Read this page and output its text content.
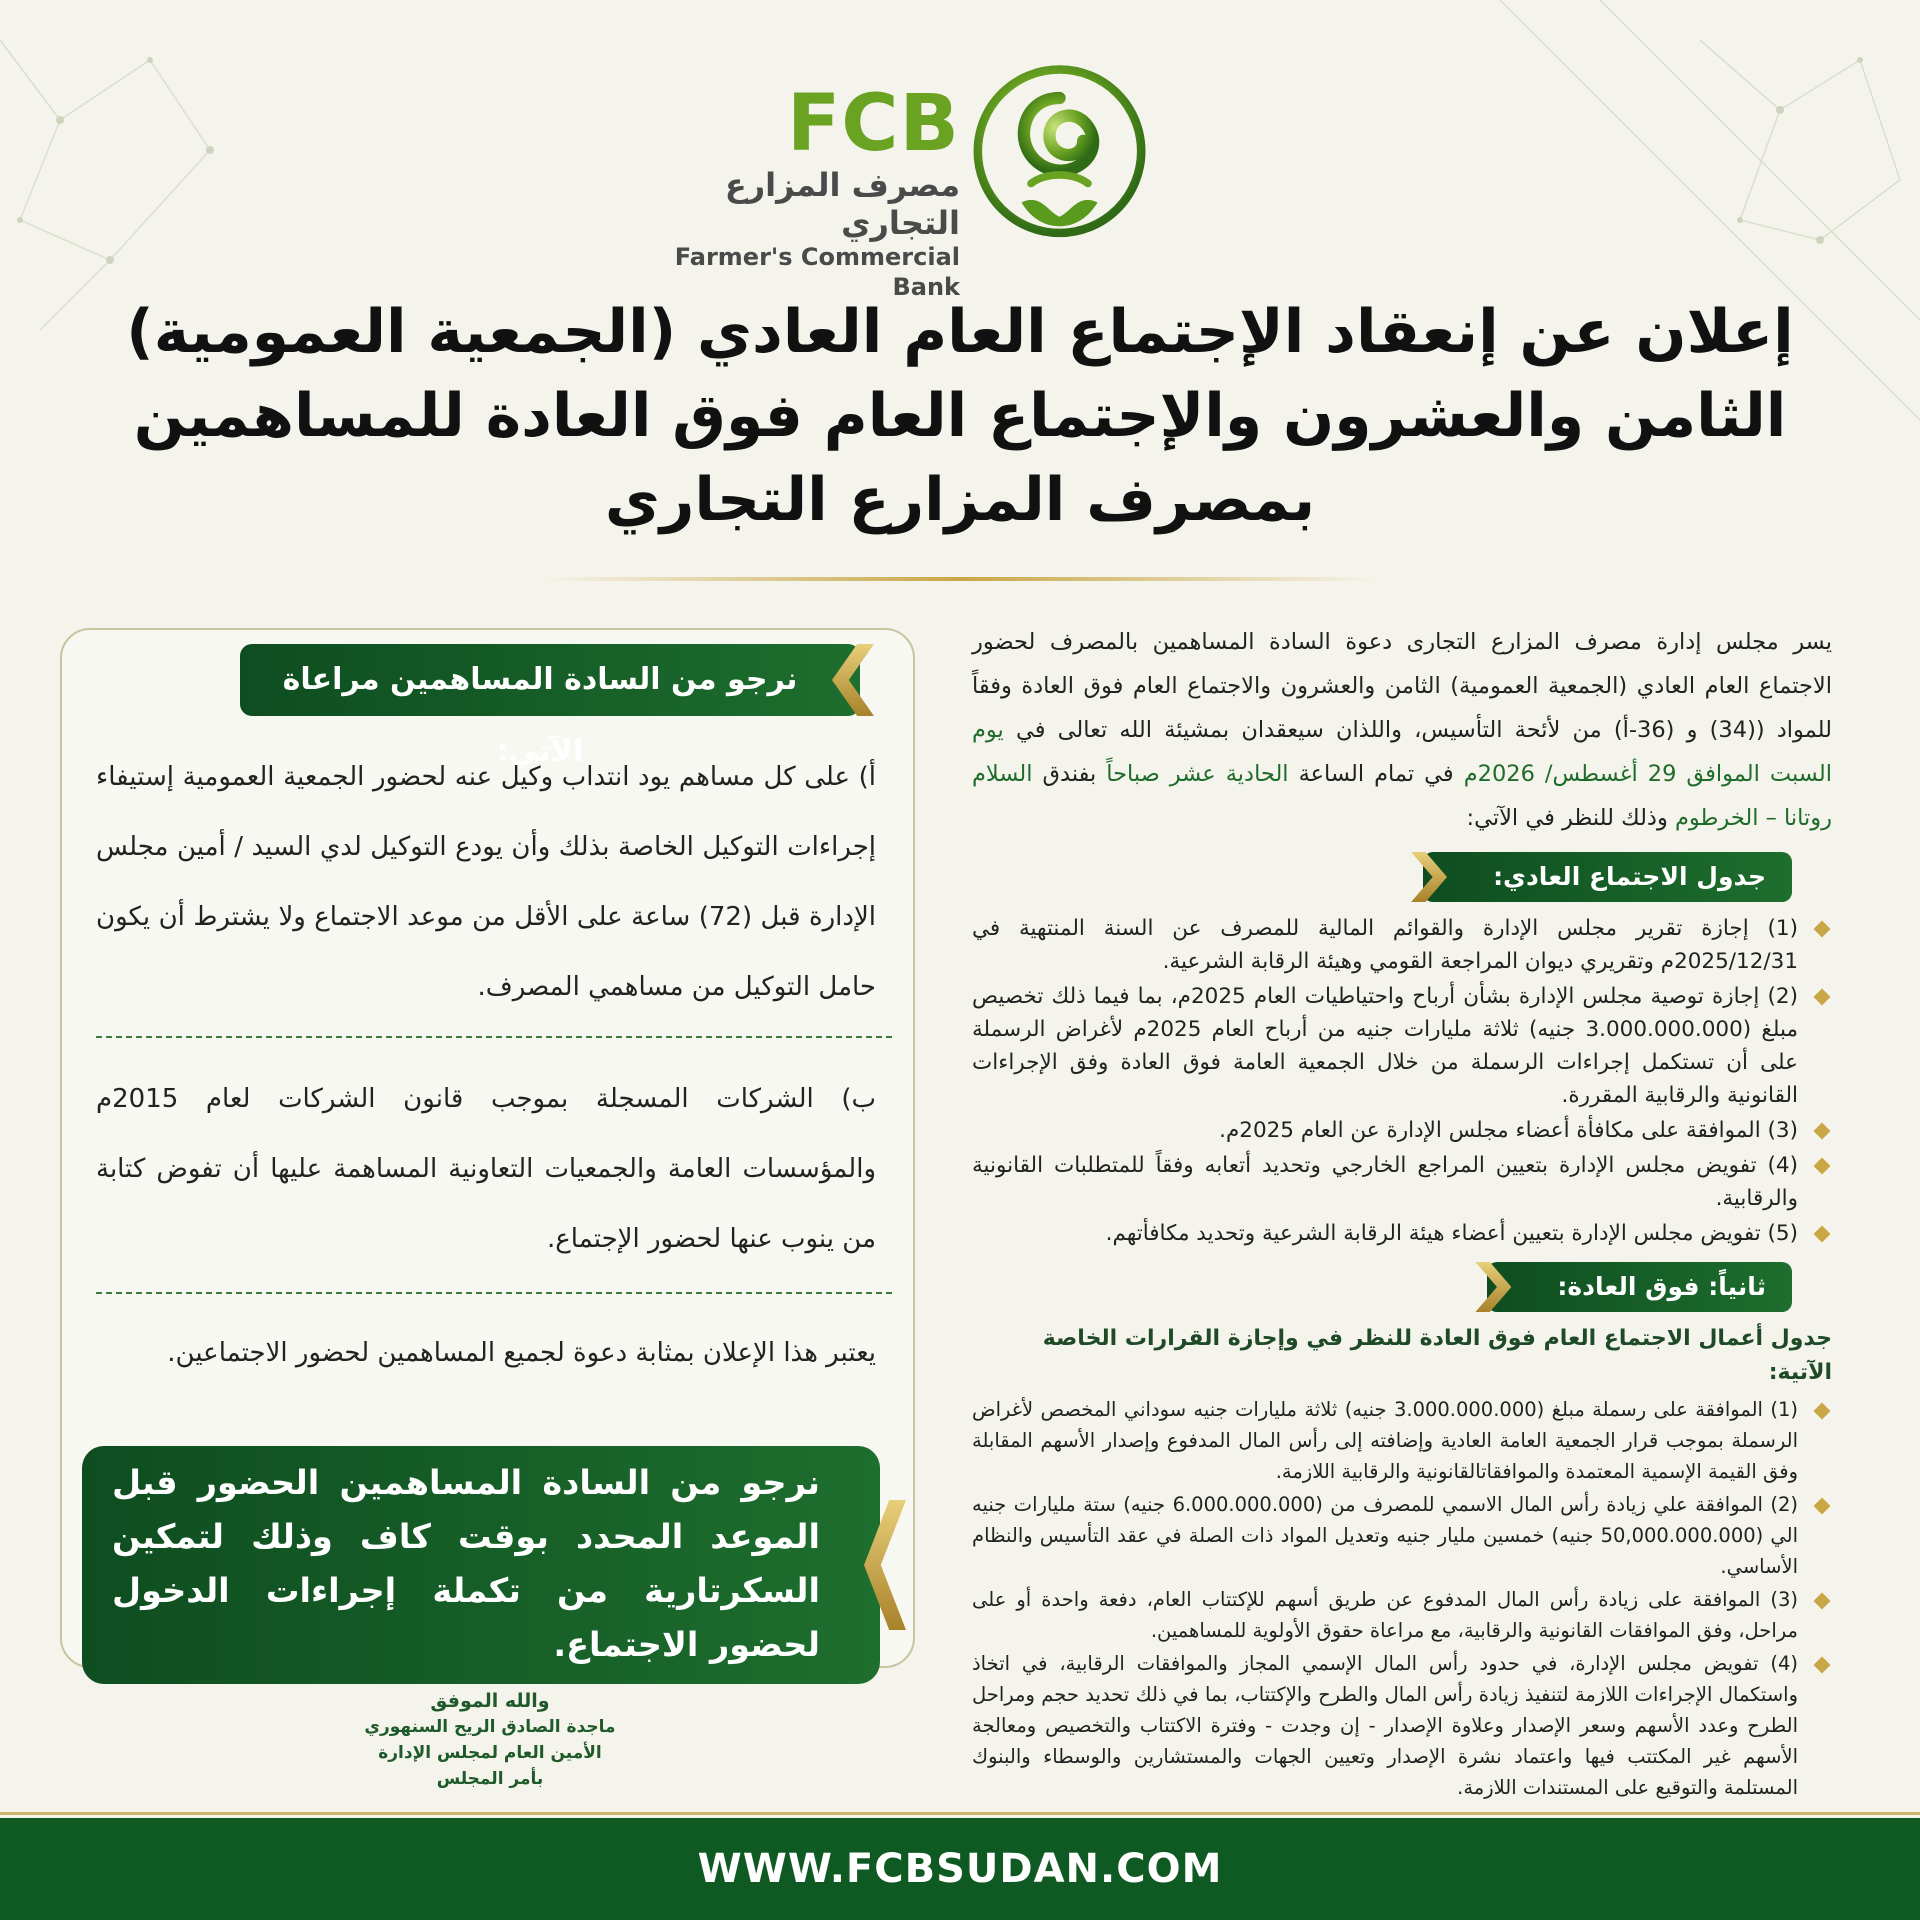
FCB
مصرف المزارع التجاري
Farmer's Commercial Bank
إعلان عن إنعقاد الإجتماع العام العادي (الجمعية العمومية)
الثامن والعشرون والإجتماع العام فوق العادة للمساهمين
بمصرف المزارع التجاري

يسر مجلس إدارة مصرف المزارع التجارى دعوة السادة المساهمين بالمصرف لحضور الاجتماع العام العادي (الجمعية العمومية) الثامن والعشرون والاجتماع العام فوق العادة وفقاً للمواد ((34) و (36-أ) من لأئحة التأسيس، واللذان سيعقدان بمشيئة الله تعالى في يوم السبت الموافق 29 أغسطس/ 2026م في تمام الساعة الحادية عشر صباحاً بفندق السلام روتانا – الخرطوم وذلك للنظر في الآتي:

جدول الاجتماع العادي:
(1) إجازة تقرير مجلس الإدارة والقوائم المالية للمصرف عن السنة المنتهية في 2025/12/31م وتقريري ديوان المراجعة القومي وهيئة الرقابة الشرعية.
(2) إجازة توصية مجلس الإدارة بشأن أرباح واحتياطيات العام 2025م، بما فيما ذلك تخصيص مبلغ (3.000.000.000 جنيه) ثلاثة مليارات جنيه من أرباح العام 2025م لأغراض الرسملة على أن تستكمل إجراءات الرسملة من خلال الجمعية العامة فوق العادة وفق الإجراءات القانونية والرقابية المقررة.
(3) الموافقة على مكافأة أعضاء مجلس الإدارة عن العام 2025م.
(4) تفويض مجلس الإدارة بتعيين المراجع الخارجي وتحديد أتعابه وفقاً للمتطلبات القانونية والرقابية.
(5) تفويض مجلس الإدارة بتعيين أعضاء هيئة الرقابة الشرعية وتحديد مكافأتهم.
ثانياً: فوق العادة:
جدول أعمال الاجتماع العام فوق العادة للنظر في وإجازة القرارات الخاصة الآتية:
(1) الموافقة على رسملة مبلغ (3.000.000.000 جنيه) ثلاثة مليارات جنيه سوداني المخصص لأغراض الرسملة بموجب قرار الجمعية العامة العادية وإضافته إلى رأس المال المدفوع وإصدار الأسهم المقابلة وفق القيمة الإسمية المعتمدة والموافقاتالقانونية والرقابية اللازمة.
(2) الموافقة علي زيادة رأس المال الاسمي للمصرف من (6.000.000.000 جنيه) ستة مليارات جنيه الي (50,000.000.000 جنيه) خمسين مليار جنيه وتعديل المواد ذات الصلة في عقد التأسيس والنظام الأساسي.
(3) الموافقة على زيادة رأس المال المدفوع عن طريق أسهم للإكتتاب العام، دفعة واحدة أو على مراحل، وفق الموافقات القانونية والرقابية، مع مراعاة حقوق الأولوية للمساهمين.
(4) تفويض مجلس الإدارة، في حدود رأس المال الإسمي المجاز والموافقات الرقابية، في اتخاذ واستكمال الإجراءات اللازمة لتنفيذ زيادة رأس المال والطرح والإكتتاب، بما في ذلك تحديد حجم ومراحل الطرح وعدد الأسهم وسعر الإصدار وعلاوة الإصدار - إن وجدت - وفترة الاكتتاب والتخصيص ومعالجة الأسهم غير المكتتب فيها واعتماد نشرة الإصدار وتعيين الجهات والمستشارين والوسطاء والبنوك المستلمة والتوقيع على المستندات اللازمة.
نرجو من السادة المساهمين مراعاة الآتي:

أ) على كل مساهم يود انتداب وكيل عنه لحضور الجمعية العمومية إستيفاء إجراءات التوكيل الخاصة بذلك وأن يودع التوكيل لدي السيد / أمين مجلس الإدارة قبل (72) ساعة على الأقل من موعد الاجتماع ولا يشترط أن يكون حامل التوكيل من مساهمي المصرف.

ب) الشركات المسجلة بموجب قانون الشركات لعام 2015م والمؤسسات العامة والجمعيات التعاونية المساهمة عليها أن تفوض كتابة من ينوب عنها لحضور الإجتماع.

يعتبر هذا الإعلان بمثابة دعوة لجميع المساهمين لحضور الاجتماعين.

نرجو من السادة المساهمين الحضور قبل الموعد المحدد بوقت كاف وذلك لتمكين السكرتارية من تكملة إجراءات الدخول لحضور الاجتماع.
والله الموفق
ماجدة الصادق الريح السنهوري
الأمين العام لمجلس الإدارة
بأمر المجلس
WWW.FCBSUDAN.COM
